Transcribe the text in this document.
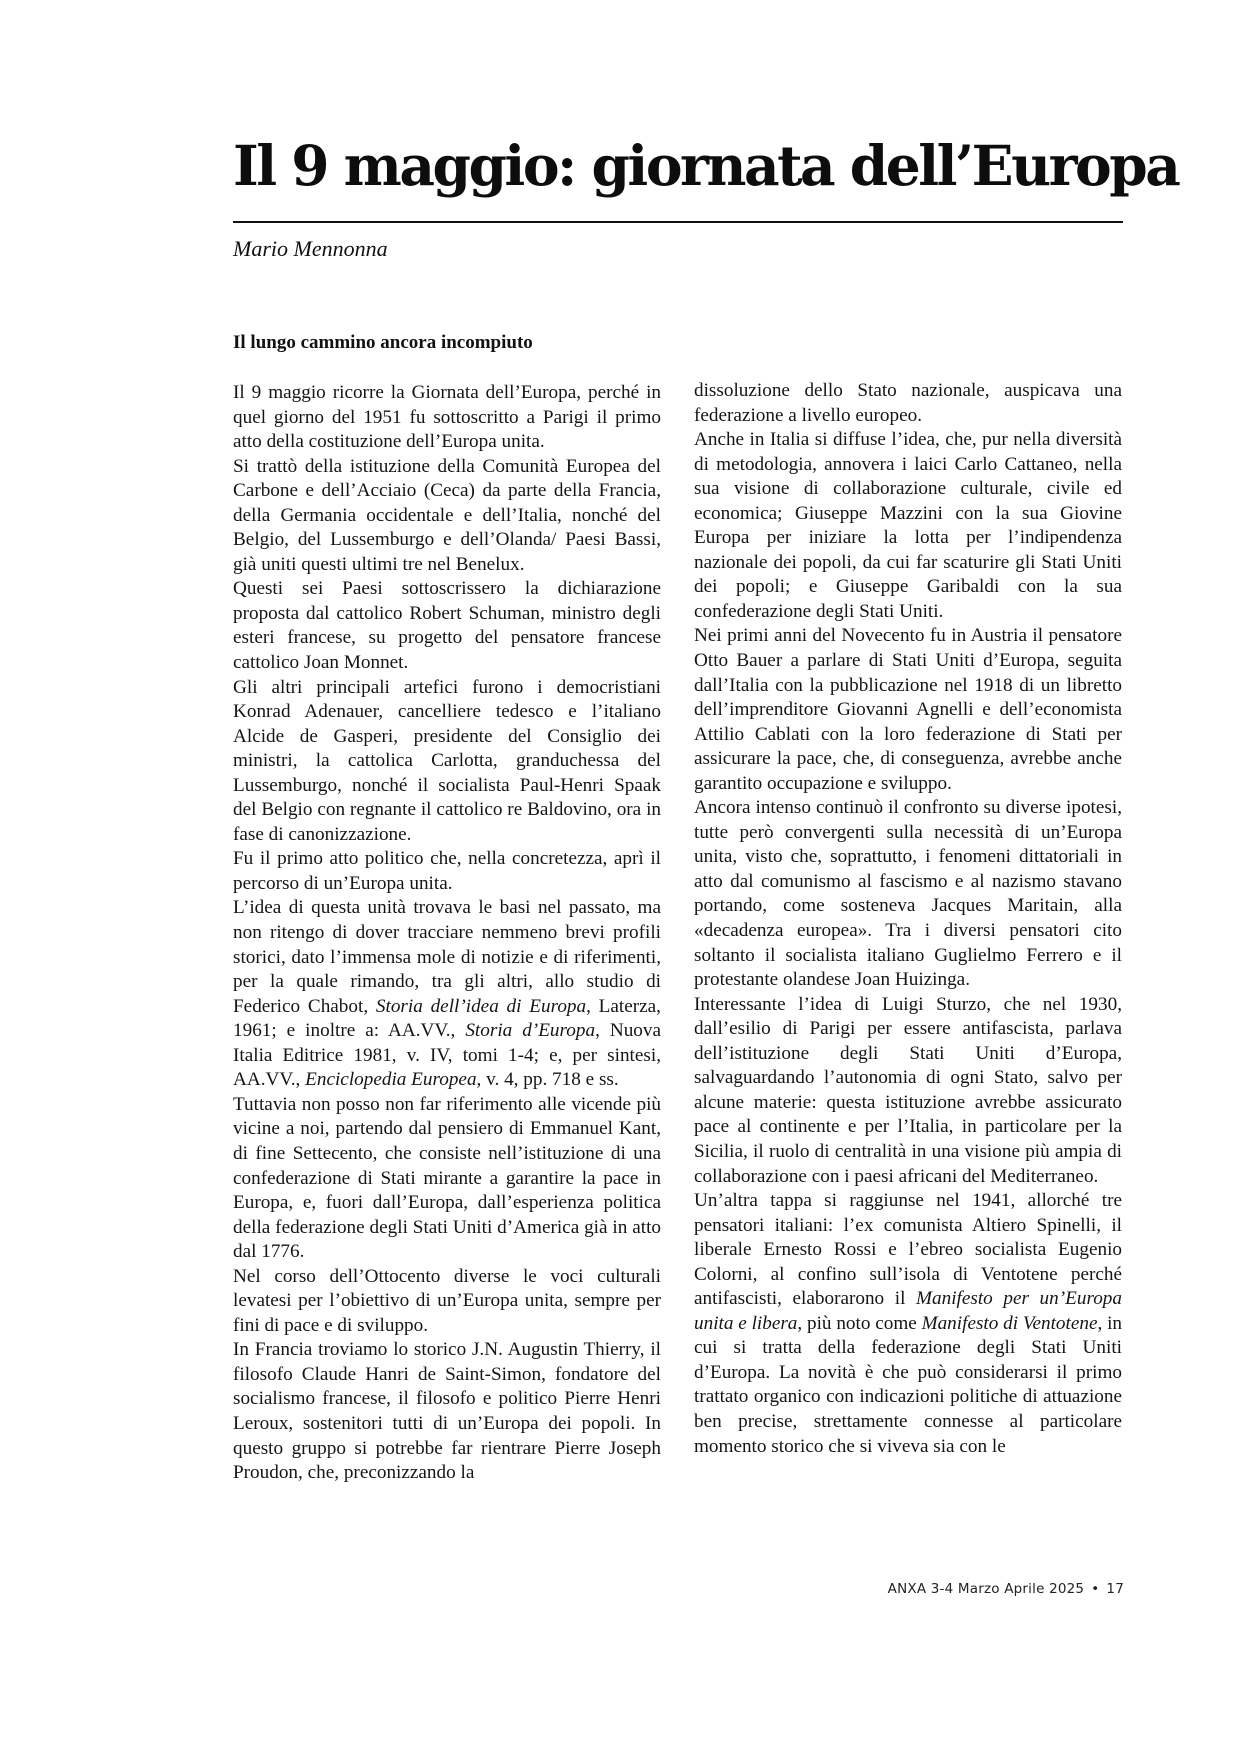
Il 9 maggio: giornata dell’Europa
Mario Mennonna
Il lungo cammino ancora incompiuto

Il 9 maggio ricorre la Giornata dell’Europa, perché in quel giorno del 1951 fu sottoscritto a Parigi il primo atto della costituzione dell’Europa unita.

Si trattò della istituzione della Comunità Europea del Carbone e dell’Acciaio (Ceca) da parte della Francia, della Germania occidentale e dell’Italia, nonché del Belgio, del Lussemburgo e dell’Olanda/ Paesi Bassi, già uniti questi ultimi tre nel Benelux.

Questi sei Paesi sottoscrissero la dichiarazione proposta dal cattolico Robert Schuman, ministro degli esteri francese, su progetto del pensatore francese cattolico Joan Monnet.

Gli altri principali artefici furono i democristiani Konrad Adenauer, cancelliere tedesco e l’italiano Alcide de Gasperi, presidente del Consiglio dei ministri, la cattolica Carlotta, granduchessa del Lussemburgo, nonché il socialista Paul-Henri Spaak del Belgio con regnante il cattolico re Baldovino, ora in fase di canonizzazione.

Fu il primo atto politico che, nella concretezza, aprì il percorso di un’Europa unita.

L’idea di questa unità trovava le basi nel passato, ma non ritengo di dover tracciare nemmeno brevi profili storici, dato l’immensa mole di notizie e di riferimenti, per la quale rimando, tra gli altri, allo studio di Federico Chabot, Storia dell’idea di Europa, Laterza, 1961; e inoltre a: AA.VV., Storia d’Europa, Nuova Italia Editrice 1981, v. IV, tomi 1-4; e, per sintesi, AA.VV., Enciclopedia Europea, v. 4, pp. 718 e ss.

Tuttavia non posso non far riferimento alle vicende più vicine a noi, partendo dal pensiero di Emmanuel Kant, di fine Settecento, che consiste nell’istituzione di una confederazione di Stati mirante a garantire la pace in Europa, e, fuori dall’Europa, dall’esperienza politica della federazione degli Stati Uniti d’America già in atto dal 1776.

Nel corso dell’Ottocento diverse le voci culturali levatesi per l’obiettivo di un’Europa unita, sempre per fini di pace e di sviluppo.

In Francia troviamo lo storico J.N. Augustin Thierry, il filosofo Claude Hanri de Saint-Simon, fondatore del socialismo francese, il filosofo e politico Pierre Henri Leroux, sostenitori tutti di un’Europa dei popoli. In questo gruppo si potrebbe far rientrare Pierre Joseph Proudon, che, preconizzando la

dissoluzione dello Stato nazionale, auspicava una federazione a livello europeo.

Anche in Italia si diffuse l’idea, che, pur nella diversità di metodologia, annovera i laici Carlo Cattaneo, nella sua visione di collaborazione culturale, civile ed economica; Giuseppe Mazzini con la sua Giovine Europa per iniziare la lotta per l’indipendenza nazionale dei popoli, da cui far scaturire gli Stati Uniti dei popoli; e Giuseppe Garibaldi con la sua confederazione degli Stati Uniti.

Nei primi anni del Novecento fu in Austria il pensatore Otto Bauer a parlare di Stati Uniti d’Europa, seguita dall’Italia con la pubblicazione nel 1918 di un libretto dell’imprenditore Giovanni Agnelli e dell’economista Attilio Cablati con la loro federazione di Stati per assicurare la pace, che, di conseguenza, avrebbe anche garantito occupazione e sviluppo.

Ancora intenso continuò il confronto su diverse ipotesi, tutte però convergenti sulla necessità di un’Europa unita, visto che, soprattutto, i fenomeni dittatoriali in atto dal comunismo al fascismo e al nazismo stavano portando, come sosteneva Jacques Maritain, alla «decadenza europea». Tra i diversi pensatori cito soltanto il socialista italiano Guglielmo Ferrero e il protestante olandese Joan Huizinga.

Interessante l’idea di Luigi Sturzo, che nel 1930, dall’esilio di Parigi per essere antifascista, parlava dell’istituzione degli Stati Uniti d’Europa, salvaguardando l’autonomia di ogni Stato, salvo per alcune materie: questa istituzione avrebbe assicurato pace al continente e per l’Italia, in particolare per la Sicilia, il ruolo di centralità in una visione più ampia di collaborazione con i paesi africani del Mediterraneo.

Un’altra tappa si raggiunse nel 1941, allorché tre pensatori italiani: l’ex comunista Altiero Spinelli, il liberale Ernesto Rossi e l’ebreo socialista Eugenio Colorni, al confino sull’isola di Ventotene perché antifascisti, elaborarono il Manifesto per un’Europa unita e libera, più noto come Manifesto di Ventotene, in cui si tratta della federazione degli Stati Uniti d’Europa. La novità è che può considerarsi il primo trattato organico con indicazioni politiche di attuazione ben precise, strettamente connesse al particolare momento storico che si viveva sia con le

ANXA 3-4 Marzo Aprile 2025 • 17
